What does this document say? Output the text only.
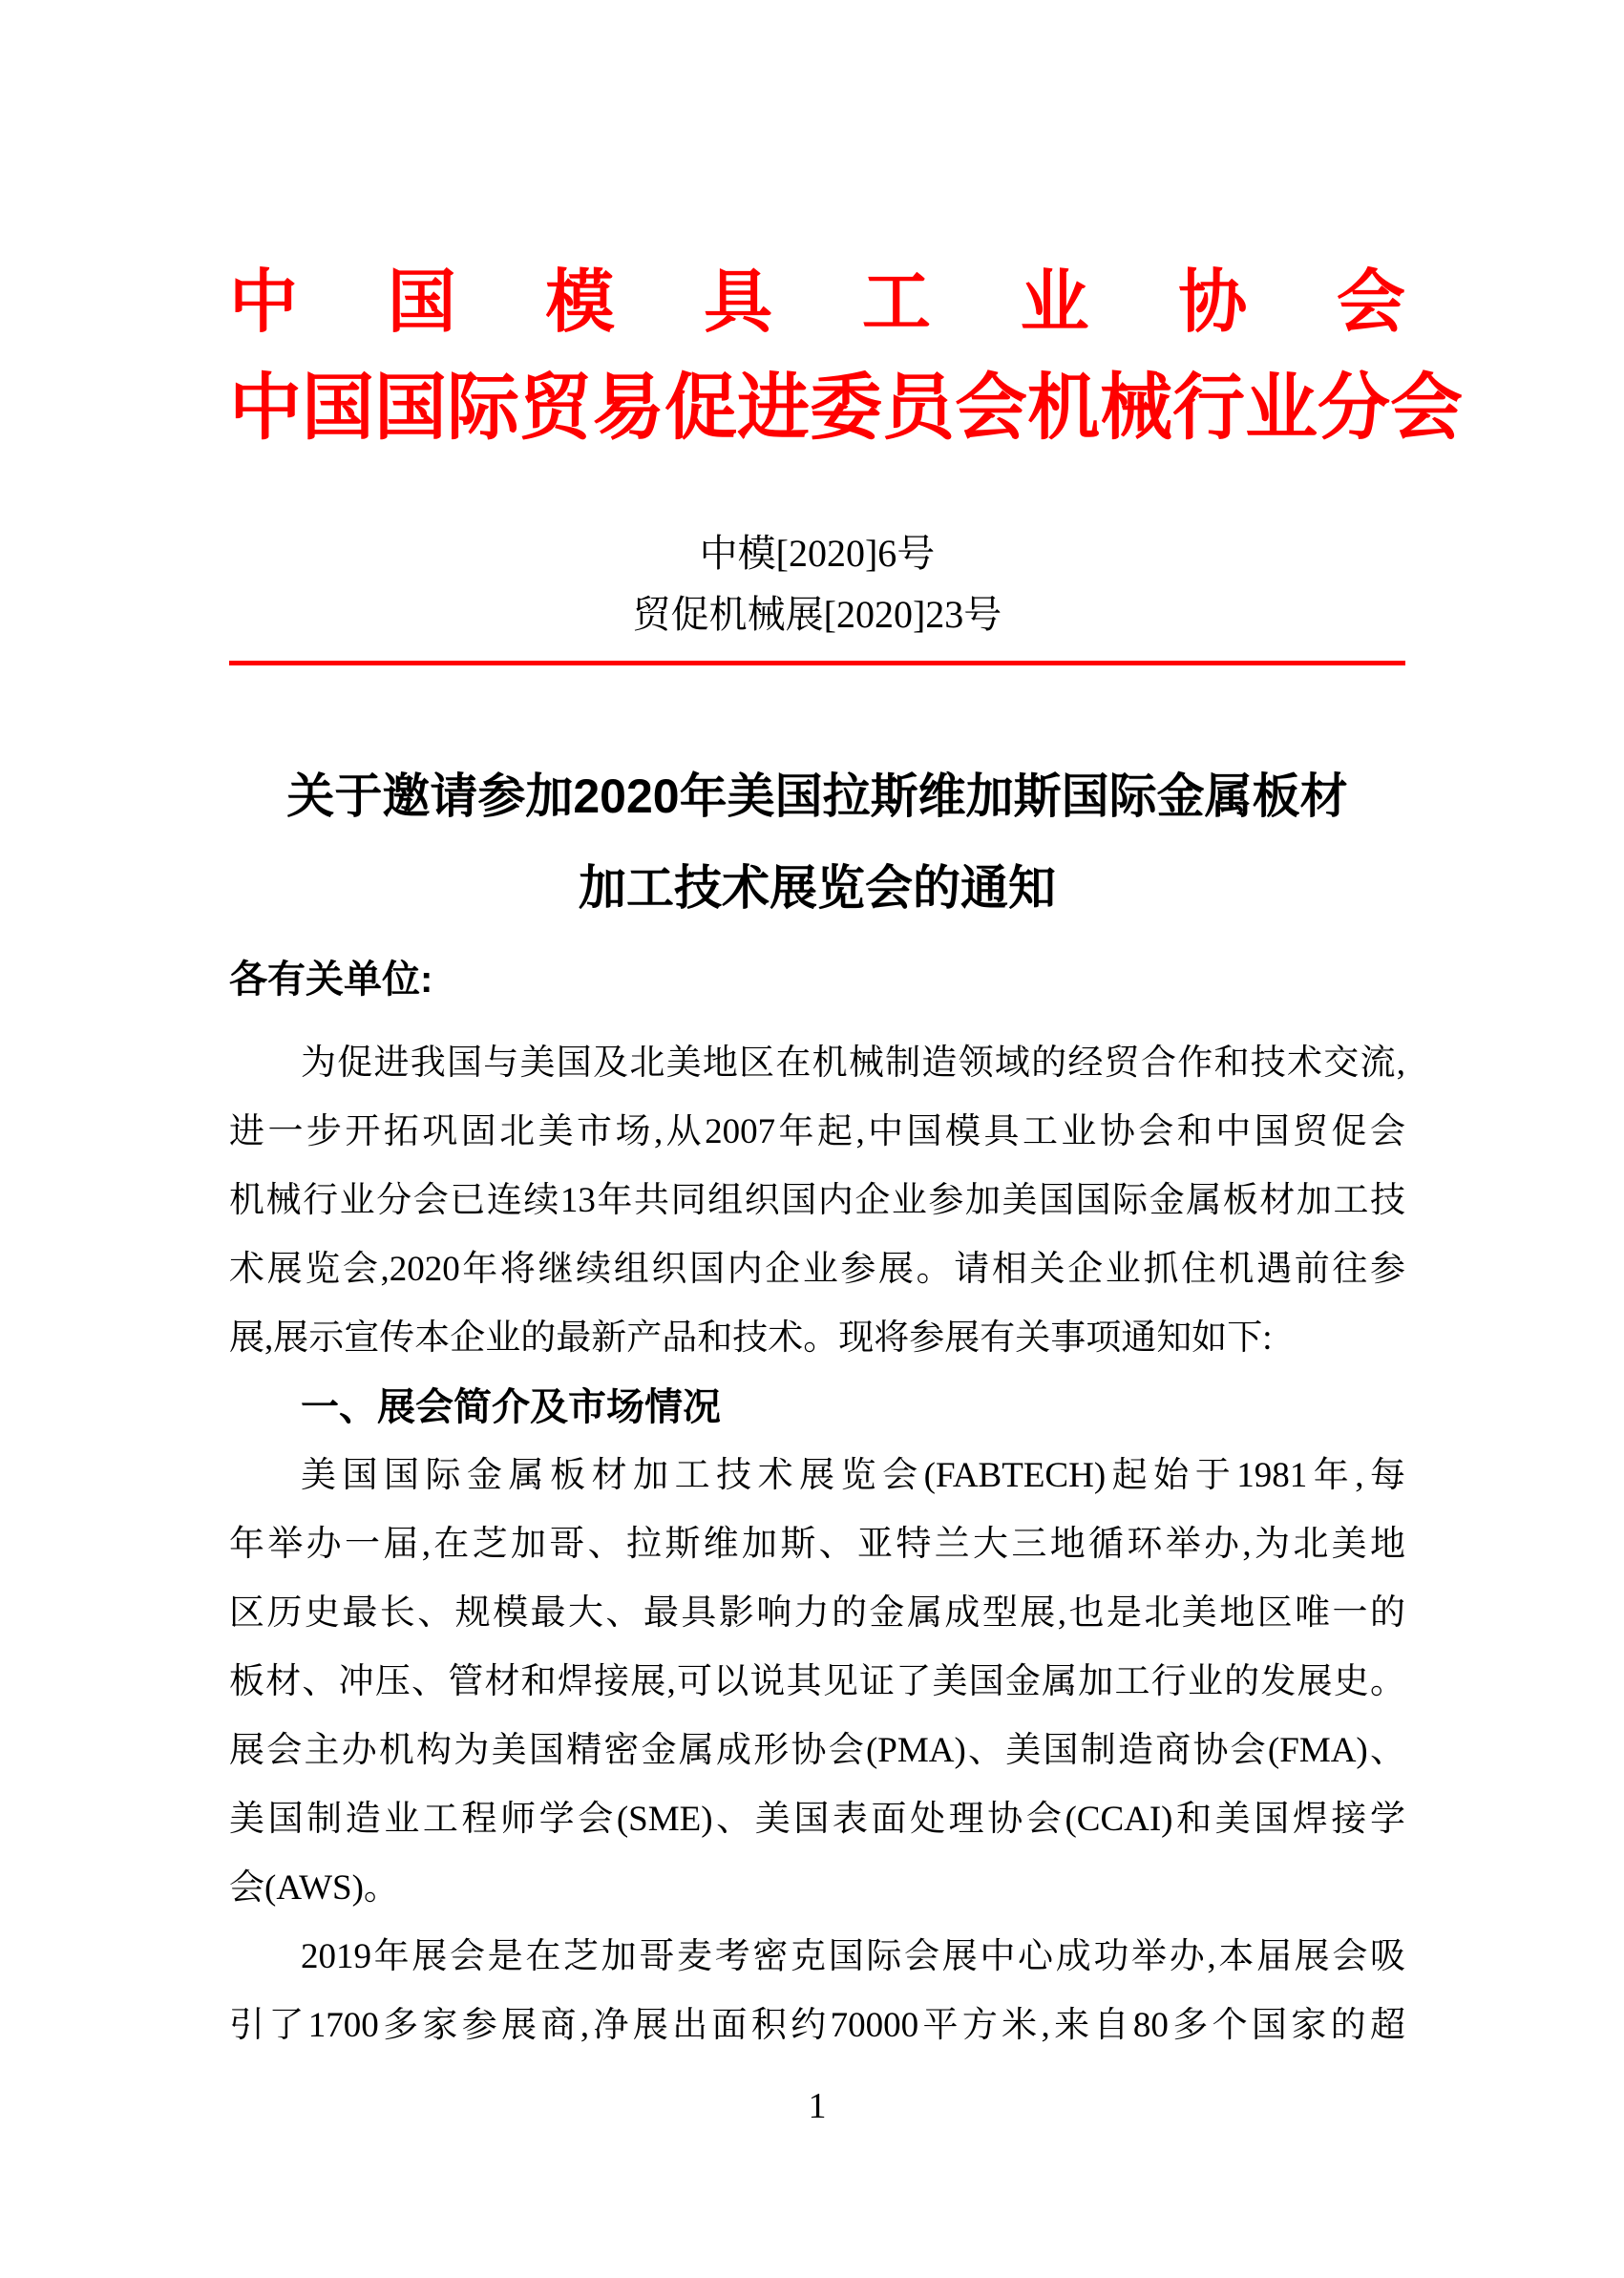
中 国 模 具 工 业 协 会
中 国 国 际 贸 易 促 进 委 员 会 机 械 行 业 分 会
中模[2020]6号
贸促机械展[2020]23号
关于邀请参加2020年美国拉斯维加斯国际金属板材
加工技术展览会的通知
各有关单位:
为促进我国与美国及北美地区在机械制造领域的经贸合作和技术交流,
进一步开拓巩固北美市场,从2007年起,中国模具工业协会和中国贸促会
机械行业分会已连续13年共同组织国内企业参加美国国际金属板材加工技
术展览会,2020年将继续组织国内企业参展。请相关企业抓住机遇前往参
展,展示宣传本企业的最新产品和技术。现将参展有关事项通知如下:
一、展会简介及市场情况
美国国际金属板材加工技术展览会(FABTECH)起始于1981年,每
年举办一届,在芝加哥、拉斯维加斯、亚特兰大三地循环举办,为北美地
区历史最长、规模最大、最具影响力的金属成型展,也是北美地区唯一的
板材、冲压、管材和焊接展,可以说其见证了美国金属加工行业的发展史。
展会主办机构为美国精密金属成形协会(PMA)、美国制造商协会(FMA)、
美国制造业工程师学会(SME)、美国表面处理协会(CCAI)和美国焊接学
会(AWS)。
2019年展会是在芝加哥麦考密克国际会展中心成功举办,本届展会吸
引了1700多家参展商,净展出面积约70000平方米,来自80多个国家的超
1
